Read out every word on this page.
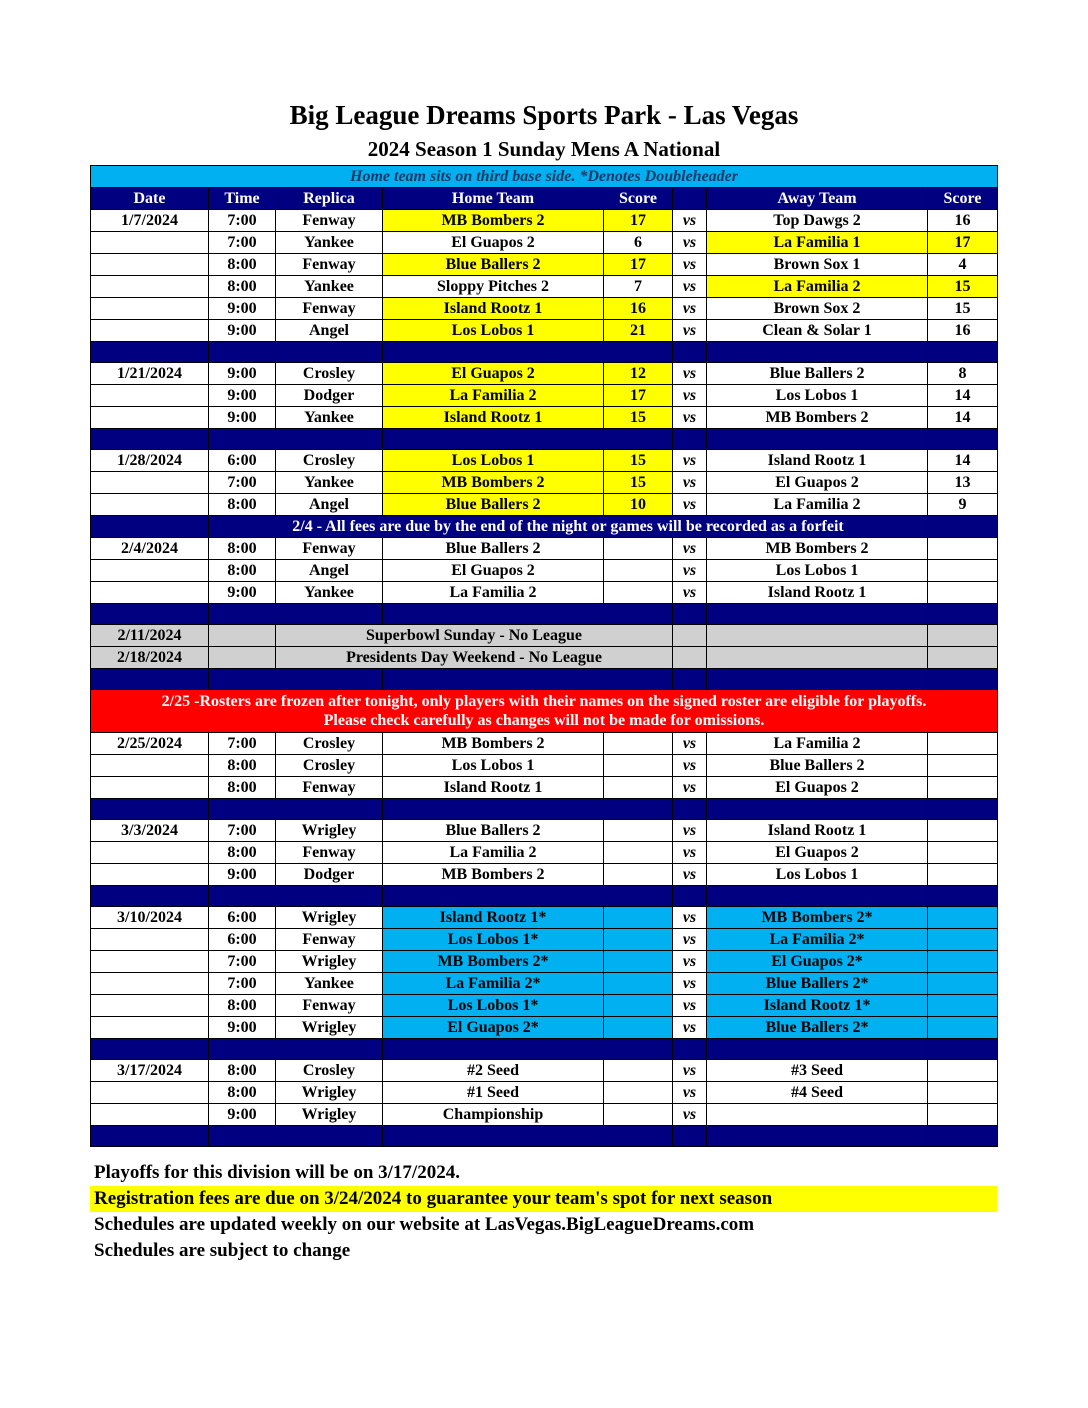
Big League Dreams Sports Park - Las Vegas
2024 Season 1 Sunday Mens A National
Home team sits on third base side. *Denotes Doubleheader							
Date	Time	Replica	Home Team	Score		Away Team	Score
1/7/2024	7:00	Fenway	MB Bombers 2	17	vs	Top Dawgs 2	16
	7:00	Yankee	El Guapos 2	6	vs	La Familia 1	17
	8:00	Fenway	Blue Ballers 2	17	vs	Brown Sox 1	4
	8:00	Yankee	Sloppy Pitches 2	7	vs	La Familia 2	15
	9:00	Fenway	Island Rootz 1	16	vs	Brown Sox 2	15
	9:00	Angel	Los Lobos 1	21	vs	Clean & Solar 1	16

1/21/2024	9:00	Crosley	El Guapos 2	12	vs	Blue Ballers 2	8
	9:00	Dodger	La Familia 2	17	vs	Los Lobos 1	14
	9:00	Yankee	Island Rootz 1	15	vs	MB Bombers 2	14

1/28/2024	6:00	Crosley	Los Lobos 1	15	vs	Island Rootz 1	14
	7:00	Yankee	MB Bombers 2	15	vs	El Guapos 2	13
	8:00	Angel	Blue Ballers 2	10	vs	La Familia 2	9
	2/4 - All fees are due by the end of the night or games will be recorded as a forfeit						
2/4/2024	8:00	Fenway	Blue Ballers 2		vs	MB Bombers 2	
	8:00	Angel	El Guapos 2		vs	Los Lobos 1	
	9:00	Yankee	La Familia 2		vs	Island Rootz 1	

2/11/2024		Superbowl Sunday - No League					
2/18/2024		Presidents Day Weekend - No League					

2/25 -Rosters are frozen after tonight, only players with their names on the signed roster are eligible for playoffs.
Please check carefully as changes will not be made for omissions.							

2/25/2024	7:00	Crosley	MB Bombers 2		vs	La Familia 2	
	8:00	Crosley	Los Lobos 1		vs	Blue Ballers 2	
	8:00	Fenway	Island Rootz 1		vs	El Guapos 2	

3/3/2024	7:00	Wrigley	Blue Ballers 2		vs	Island Rootz 1	
	8:00	Fenway	La Familia 2		vs	El Guapos 2	
	9:00	Dodger	MB Bombers 2		vs	Los Lobos 1	

3/10/2024	6:00	Wrigley	Island Rootz 1*		vs	MB Bombers 2*	
	6:00	Fenway	Los Lobos 1*		vs	La Familia 2*	
	7:00	Wrigley	MB Bombers 2*		vs	El Guapos 2*	
	7:00	Yankee	La Familia 2*		vs	Blue Ballers 2*	
	8:00	Fenway	Los Lobos 1*		vs	Island Rootz 1*	
	9:00	Wrigley	El Guapos 2*		vs	Blue Ballers 2*	

3/17/2024	8:00	Crosley	#2 Seed		vs	#3 Seed	
	8:00	Wrigley	#1 Seed		vs	#4 Seed	
	9:00	Wrigley	Championship		vs		

Playoffs for this division will be on 3/17/2024.
Registration fees are due on 3/24/2024 to guarantee your team's spot for next season
Schedules are updated weekly on our website at LasVegas.BigLeagueDreams.com
Schedules are subject to change
